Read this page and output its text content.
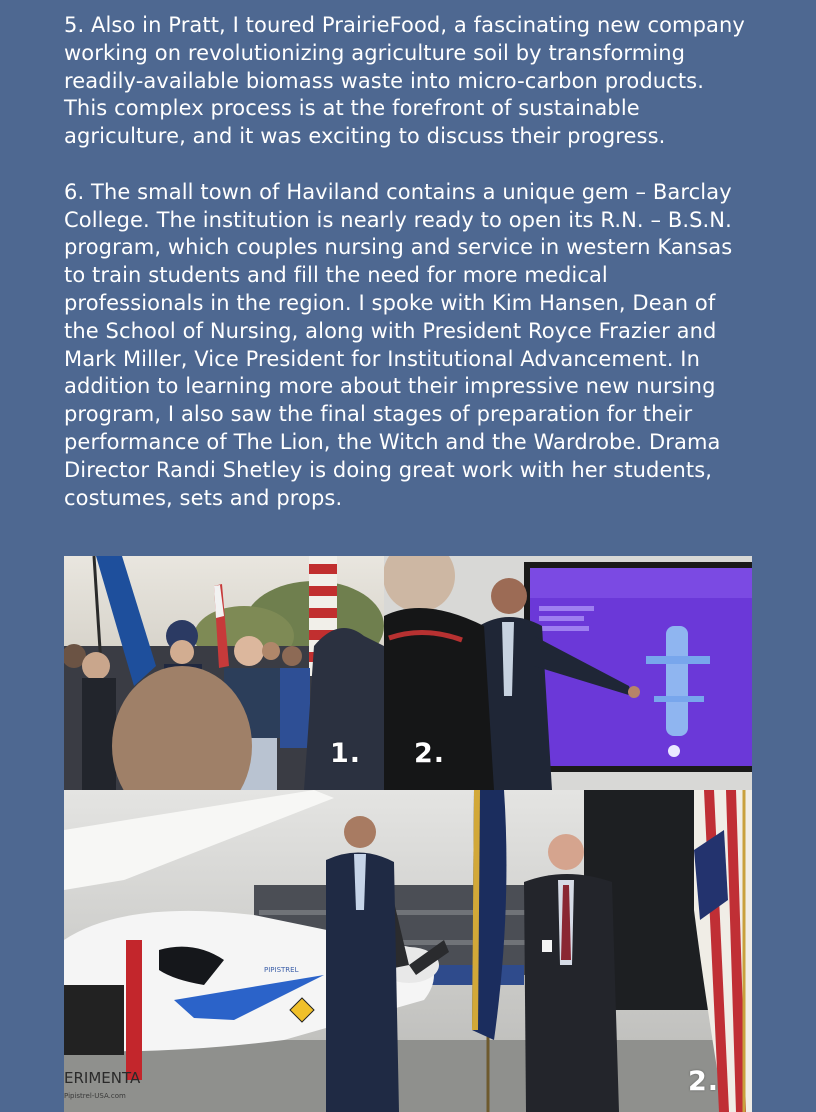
5. Also in Pratt, I toured PrairieFood, a fascinating new company working on revolutionizing agriculture soil by transforming readily-available biomass waste into micro-carbon products. This complex process is at the forefront of sustainable agriculture, and it was exciting to discuss their progress.

6. The small town of Haviland contains a unique gem – Barclay College. The institution is nearly ready to open its R.N. – B.S.N. program, which couples nursing and service in western Kansas to train students and fill the need for more medical professionals in the region. I spoke with Kim Hansen, Dean of the School of Nursing, along with President Royce Frazier and Mark Miller, Vice President for Institutional Advancement. In addition to learning more about their impressive new nursing program, I also saw the final stages of preparation for their performance of The Lion, the Witch and the Wardrobe. Drama Director Randi Shetley is doing great work with her students, costumes, sets and props.

1. 2.
ERIMENTA
Pipistrel-USA.com
PIPISTREL
2.
